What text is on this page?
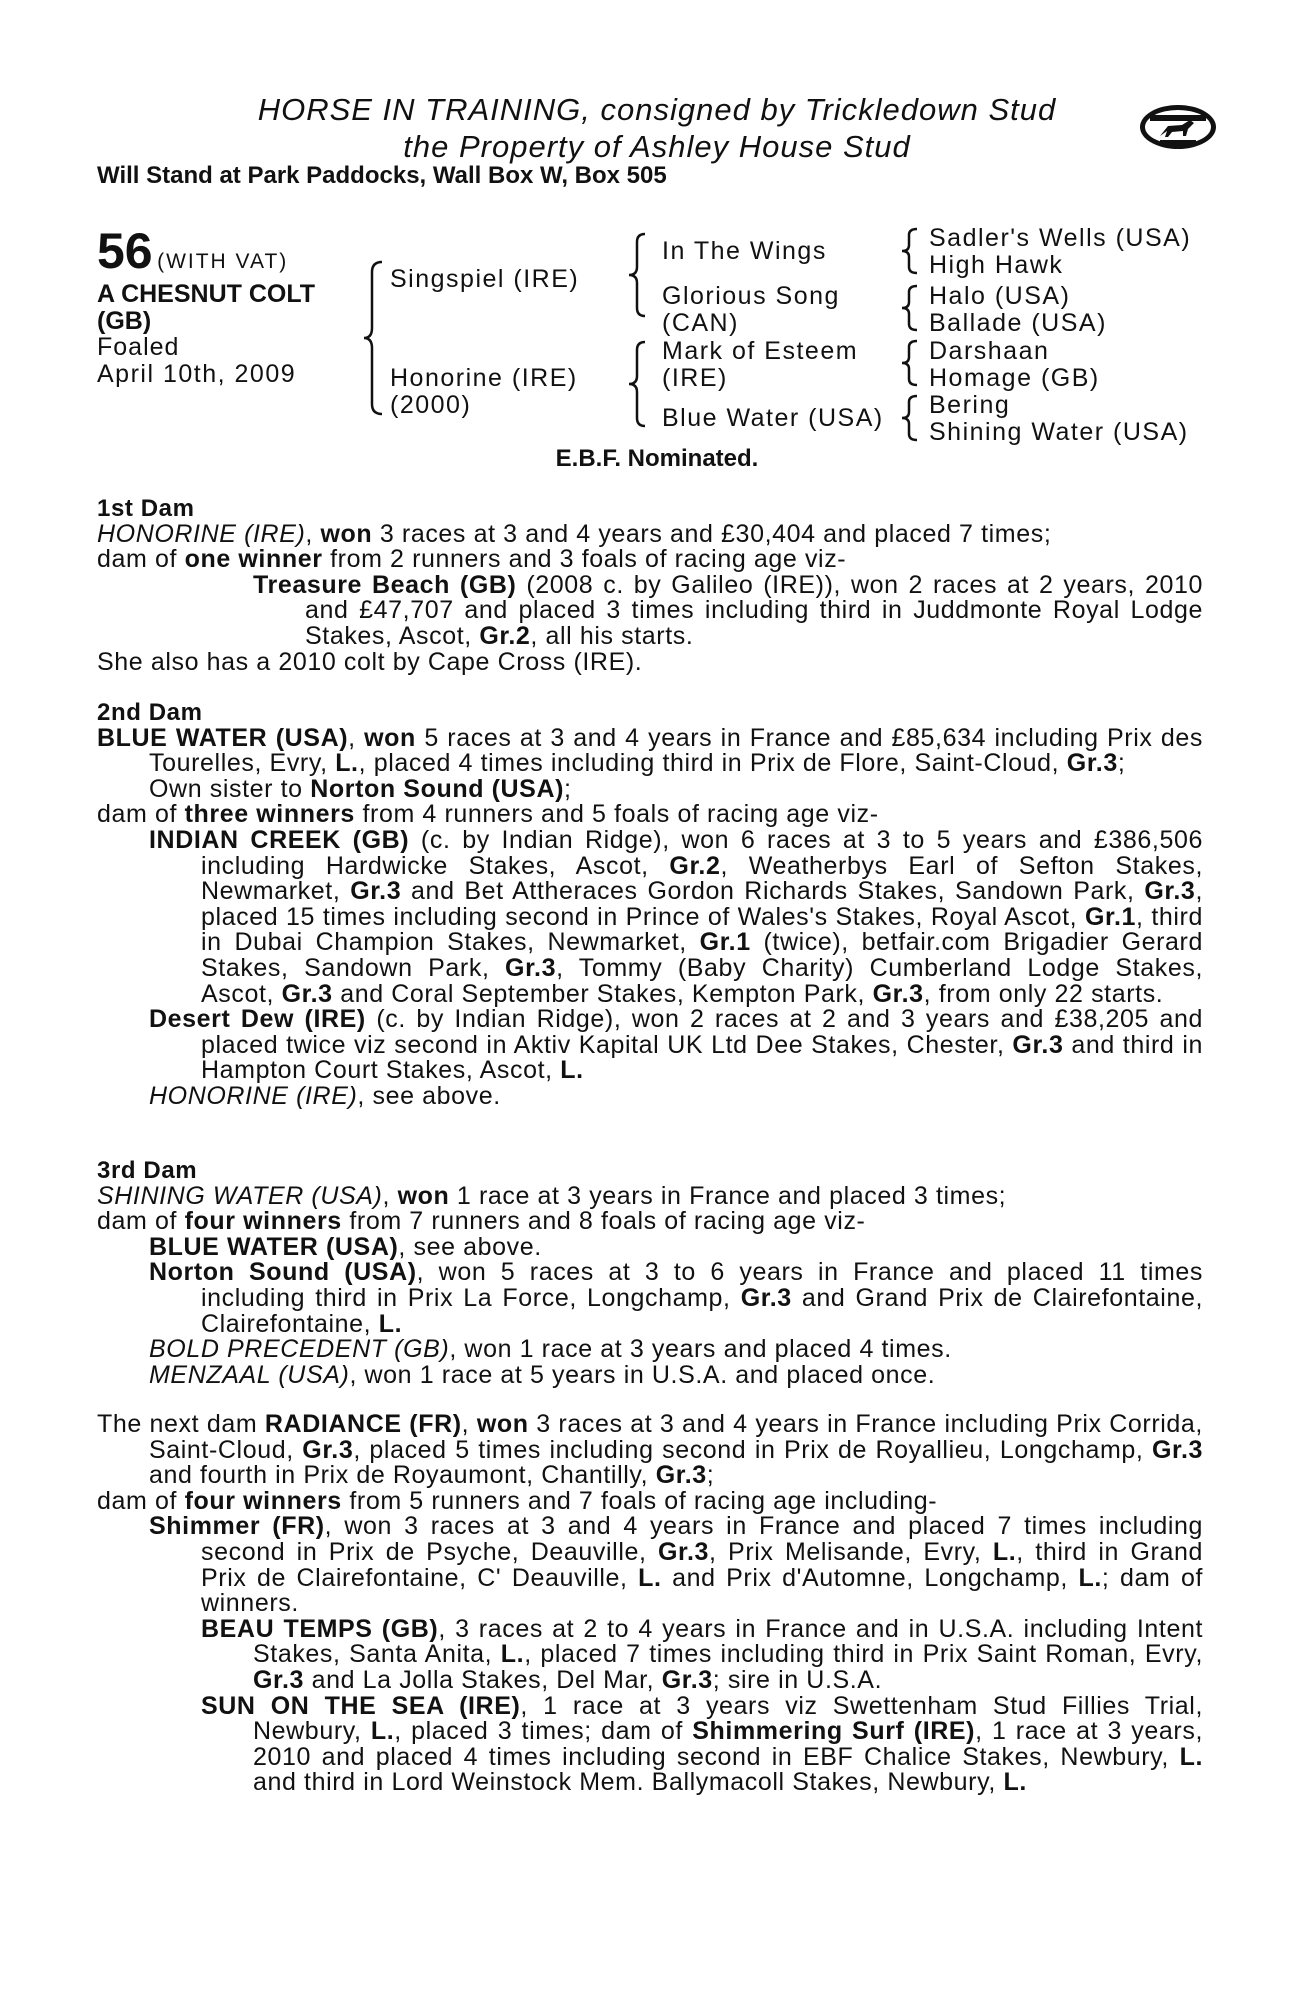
HORSE IN TRAINING, consigned by Trickledown Stud
the Property of Ashley House Stud
Will Stand at Park Paddocks, Wall Box W, Box 505
56 (WITH VAT)
A CHESNUT COLT
(GB)
Foaled
April 10th, 2009
Singspiel (IRE)
Honorine (IRE)
(2000)
In The Wings
Glorious Song
(CAN)
Mark of Esteem
(IRE)
Blue Water (USA)
Sadler's Wells (USA)
High Hawk
Halo (USA)
Ballade (USA)
Darshaan
Homage (GB)
Bering
Shining Water (USA)
E.B.F. Nominated.

1st Dam

HONORINE (IRE), won 3 races at 3 and 4 years and £30,404 and placed 7 times;

dam of one winner from 2 runners and 3 foals of racing age viz-

Treasure Beach (GB) (2008 c. by Galileo (IRE)), won 2 races at 2 years, 2010 and £47,707 and placed 3 times including third in Juddmonte Royal Lodge Stakes, Ascot, Gr.2, all his starts.

She also has a 2010 colt by Cape Cross (IRE).

2nd Dam

BLUE WATER (USA), won 5 races at 3 and 4 years in France and £85,634 including Prix des Tourelles, Evry, L., placed 4 times including third in Prix de Flore, Saint-Cloud, Gr.3;
Own sister to Norton Sound (USA);

dam of three winners from 4 runners and 5 foals of racing age viz-

INDIAN CREEK (GB) (c. by Indian Ridge), won 6 races at 3 to 5 years and £386,506 including Hardwicke Stakes, Ascot, Gr.2, Weatherbys Earl of Sefton Stakes, Newmarket, Gr.3 and Bet Attheraces Gordon Richards Stakes, Sandown Park, Gr.3, placed 15 times including second in Prince of Wales's Stakes, Royal Ascot, Gr.1, third in Dubai Champion Stakes, Newmarket, Gr.1 (twice), betfair.com Brigadier Gerard Stakes, Sandown Park, Gr.3, Tommy (Baby Charity) Cumberland Lodge Stakes, Ascot, Gr.3 and Coral September Stakes, Kempton Park, Gr.3, from only 22 starts.

Desert Dew (IRE) (c. by Indian Ridge), won 2 races at 2 and 3 years and £38,205 and placed twice viz second in Aktiv Kapital UK Ltd Dee Stakes, Chester, Gr.3 and third in Hampton Court Stakes, Ascot, L.

HONORINE (IRE), see above.

3rd Dam

SHINING WATER (USA), won 1 race at 3 years in France and placed 3 times;

dam of four winners from 7 runners and 8 foals of racing age viz-

BLUE WATER (USA), see above.

Norton Sound (USA), won 5 races at 3 to 6 years in France and placed 11 times including third in Prix La Force, Longchamp, Gr.3 and Grand Prix de Clairefontaine, Clairefontaine, L.

BOLD PRECEDENT (GB), won 1 race at 3 years and placed 4 times.

MENZAAL (USA), won 1 race at 5 years in U.S.A. and placed once.

The next dam RADIANCE (FR), won 3 races at 3 and 4 years in France including Prix Corrida, Saint-Cloud, Gr.3, placed 5 times including second in Prix de Royallieu, Longchamp, Gr.3 and fourth in Prix de Royaumont, Chantilly, Gr.3;

dam of four winners from 5 runners and 7 foals of racing age including-

Shimmer (FR), won 3 races at 3 and 4 years in France and placed 7 times including second in Prix de Psyche, Deauville, Gr.3, Prix Melisande, Evry, L., third in Grand Prix de Clairefontaine, C' Deauville, L. and Prix d'Automne, Longchamp, L.; dam of winners.

BEAU TEMPS (GB), 3 races at 2 to 4 years in France and in U.S.A. including Intent Stakes, Santa Anita, L., placed 7 times including third in Prix Saint Roman, Evry, Gr.3 and La Jolla Stakes, Del Mar, Gr.3; sire in U.S.A.

SUN ON THE SEA (IRE), 1 race at 3 years viz Swettenham Stud Fillies Trial, Newbury, L., placed 3 times; dam of Shimmering Surf (IRE), 1 race at 3 years, 2010 and placed 4 times including second in EBF Chalice Stakes, Newbury, L. and third in Lord Weinstock Mem. Ballymacoll Stakes, Newbury, L.
